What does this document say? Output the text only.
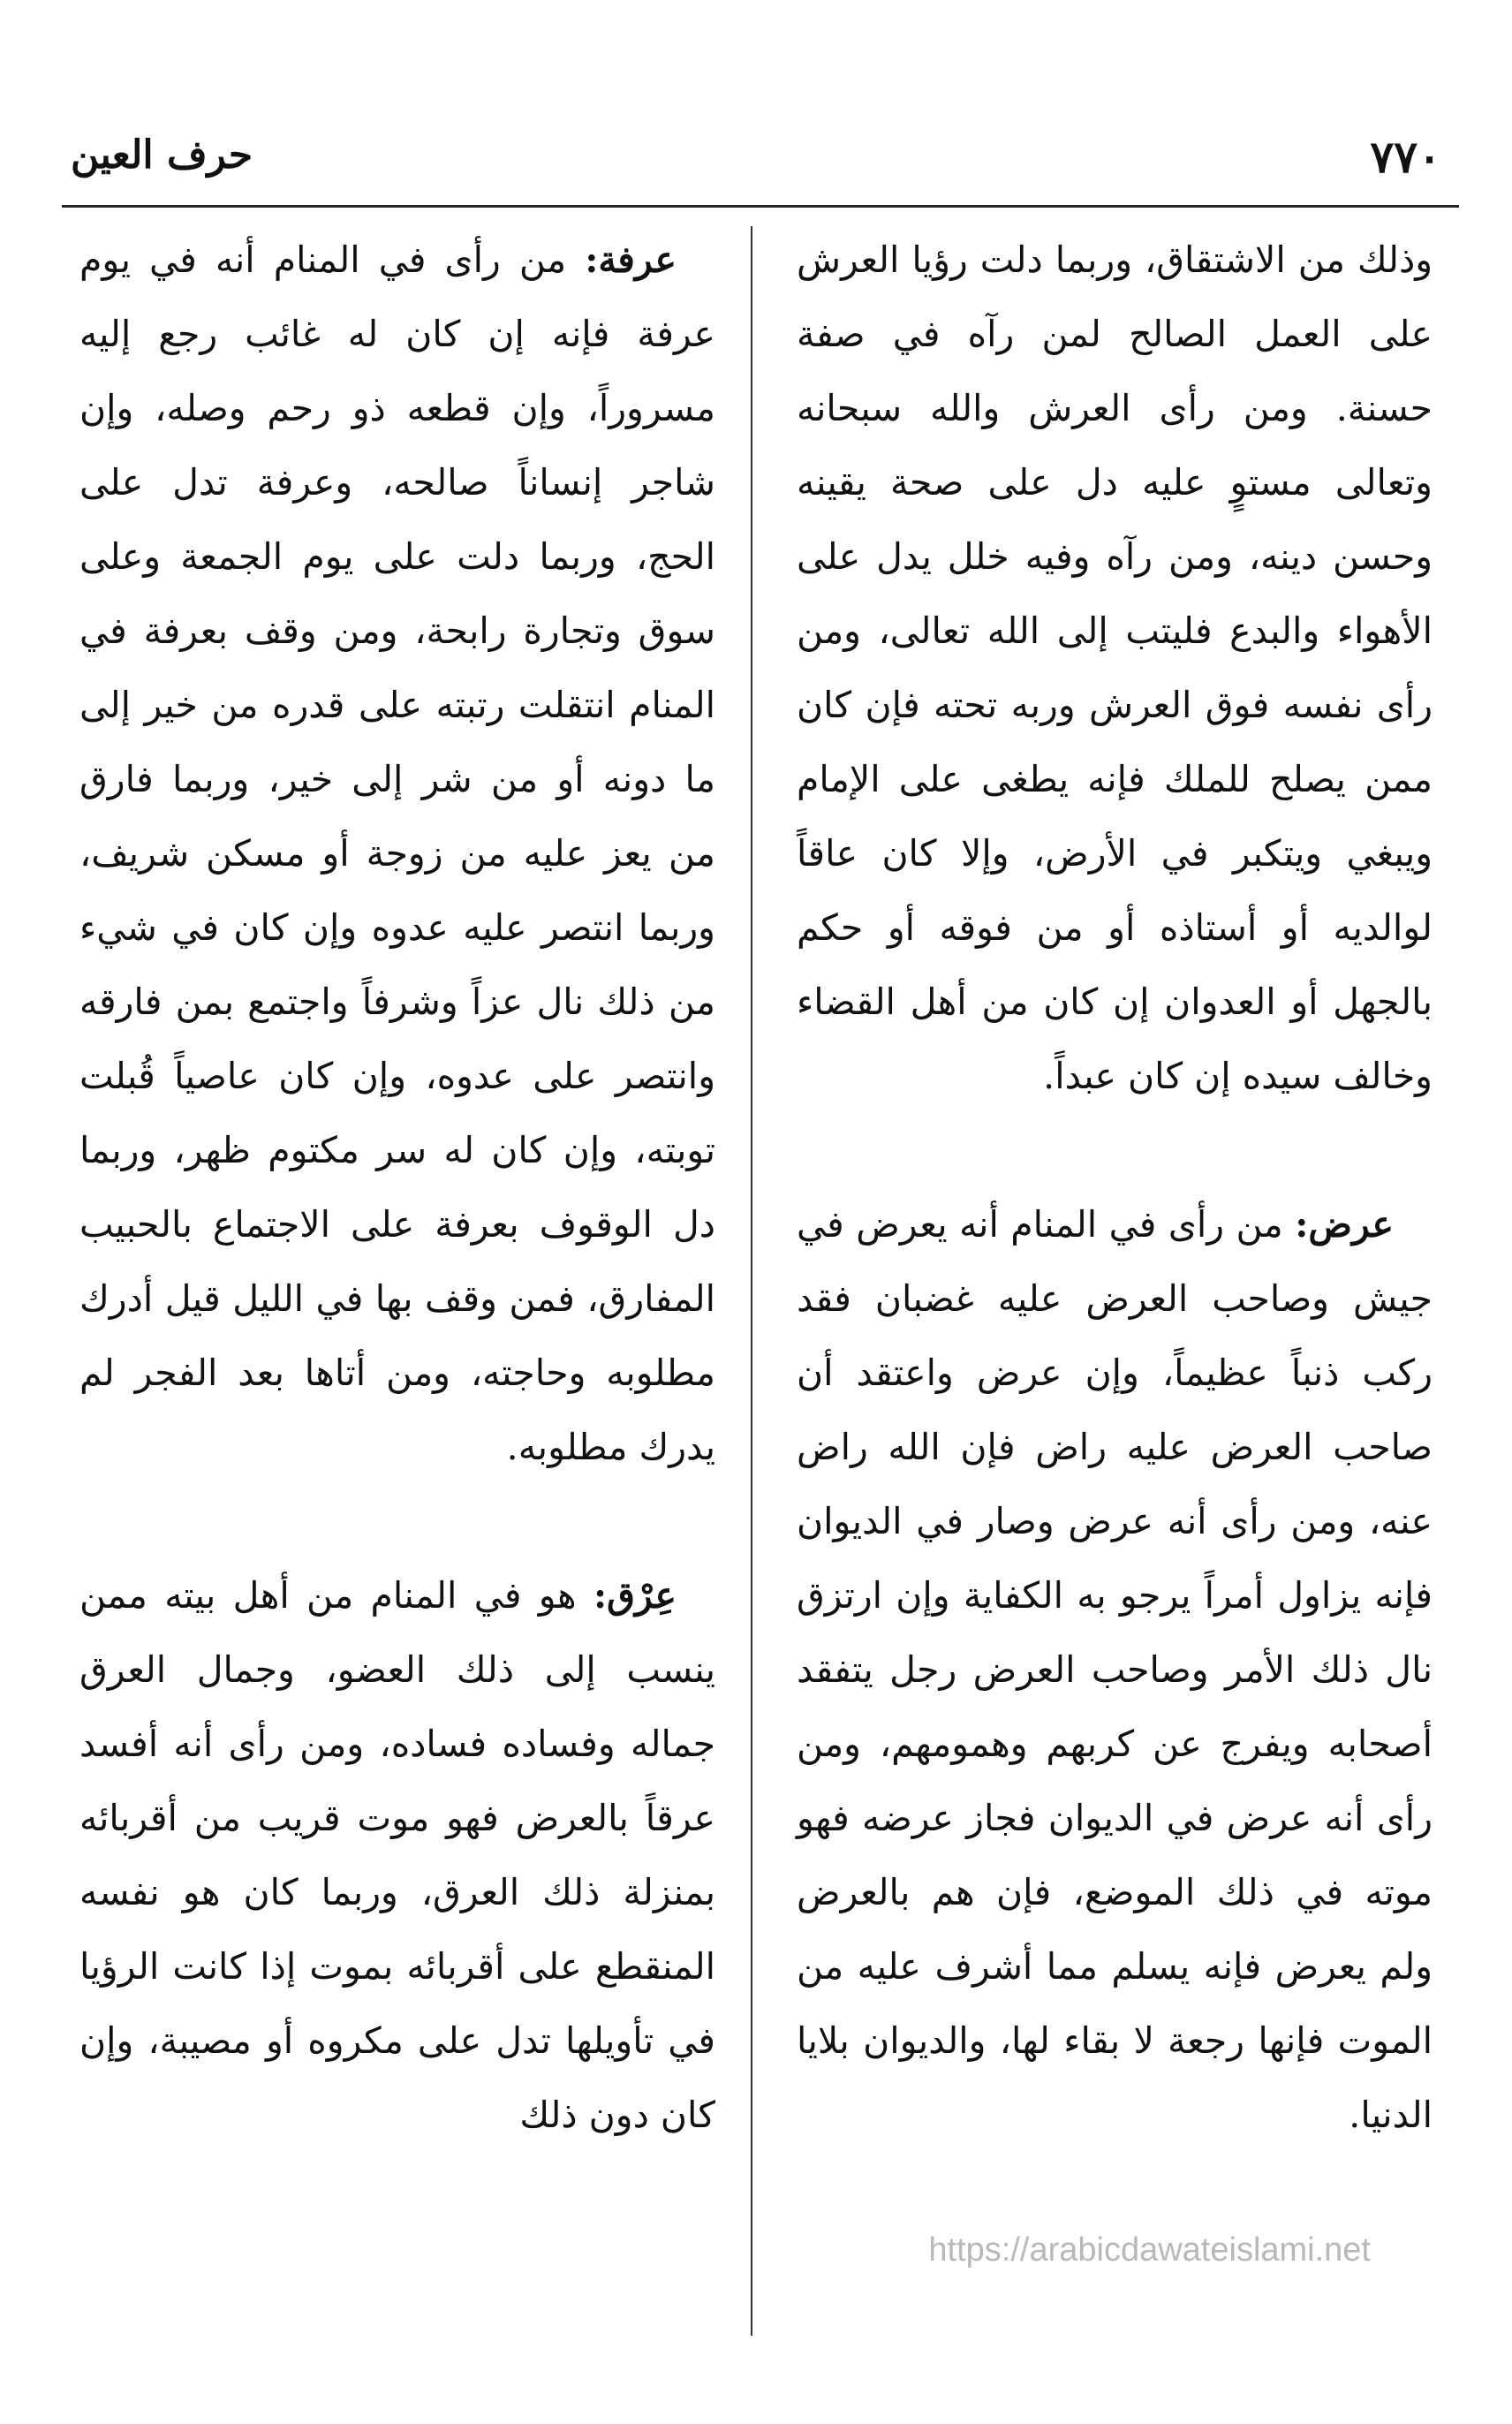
٧٧٠
حرف العين

وذلك من الاشتقاق، وربما دلت رؤيا العرش على العمل الصالح لمن رآه في صفة حسنة. ومن رأى العرش والله سبحانه وتعالى مستوٍ عليه دل على صحة يقينه وحسن دينه، ومن رآه وفيه خلل يدل على الأهواء والبدع فليتب إلى الله تعالى، ومن رأى نفسه فوق العرش وربه تحته فإن كان ممن يصلح للملك فإنه يطغى على الإمام ويبغي ويتكبر في الأرض، وإلا كان عاقاً لوالديه أو أستاذه أو من فوقه أو حكم بالجهل أو العدوان إن كان من أهل القضاء وخالف سيده إن كان عبداً.

عرض: من رأى في المنام أنه يعرض في جيش وصاحب العرض عليه غضبان فقد ركب ذنباً عظيماً، وإن عرض واعتقد أن صاحب العرض عليه راض فإن الله راض عنه، ومن رأى أنه عرض وصار في الديوان فإنه يزاول أمراً يرجو به الكفاية وإن ارتزق نال ذلك الأمر وصاحب العرض رجل يتفقد أصحابه ويفرج عن كربهم وهمومهم، ومن رأى أنه عرض في الديوان فجاز عرضه فهو موته في ذلك الموضع، فإن هم بالعرض ولم يعرض فإنه يسلم مما أشرف عليه من الموت فإنها رجعة لا بقاء لها، والديوان بلايا الدنيا.

عرفة: من رأى في المنام أنه في يوم عرفة فإنه إن كان له غائب رجع إليه مسروراً، وإن قطعه ذو رحم وصله، وإن شاجر إنساناً صالحه، وعرفة تدل على الحج، وربما دلت على يوم الجمعة وعلى سوق وتجارة رابحة، ومن وقف بعرفة في المنام انتقلت رتبته على قدره من خير إلى ما دونه أو من شر إلى خير، وربما فارق من يعز عليه من زوجة أو مسكن شريف، وربما انتصر عليه عدوه وإن كان في شيء من ذلك نال عزاً وشرفاً واجتمع بمن فارقه وانتصر على عدوه، وإن كان عاصياً قُبلت توبته، وإن كان له سر مكتوم ظهر، وربما دل الوقوف بعرفة على الاجتماع بالحبيب المفارق، فمن وقف بها في الليل قيل أدرك مطلوبه وحاجته، ومن أتاها بعد الفجر لم يدرك مطلوبه.

عِرْق: هو في المنام من أهل بيته ممن ينسب إلى ذلك العضو، وجمال العرق جماله وفساده فساده، ومن رأى أنه أفسد عرقاً بالعرض فهو موت قريب من أقربائه بمنزلة ذلك العرق، وربما كان هو نفسه المنقطع على أقربائه بموت إذا كانت الرؤيا في تأويلها تدل على مكروه أو مصيبة، وإن كان دون ذلك

https://arabicdawateislami.net
